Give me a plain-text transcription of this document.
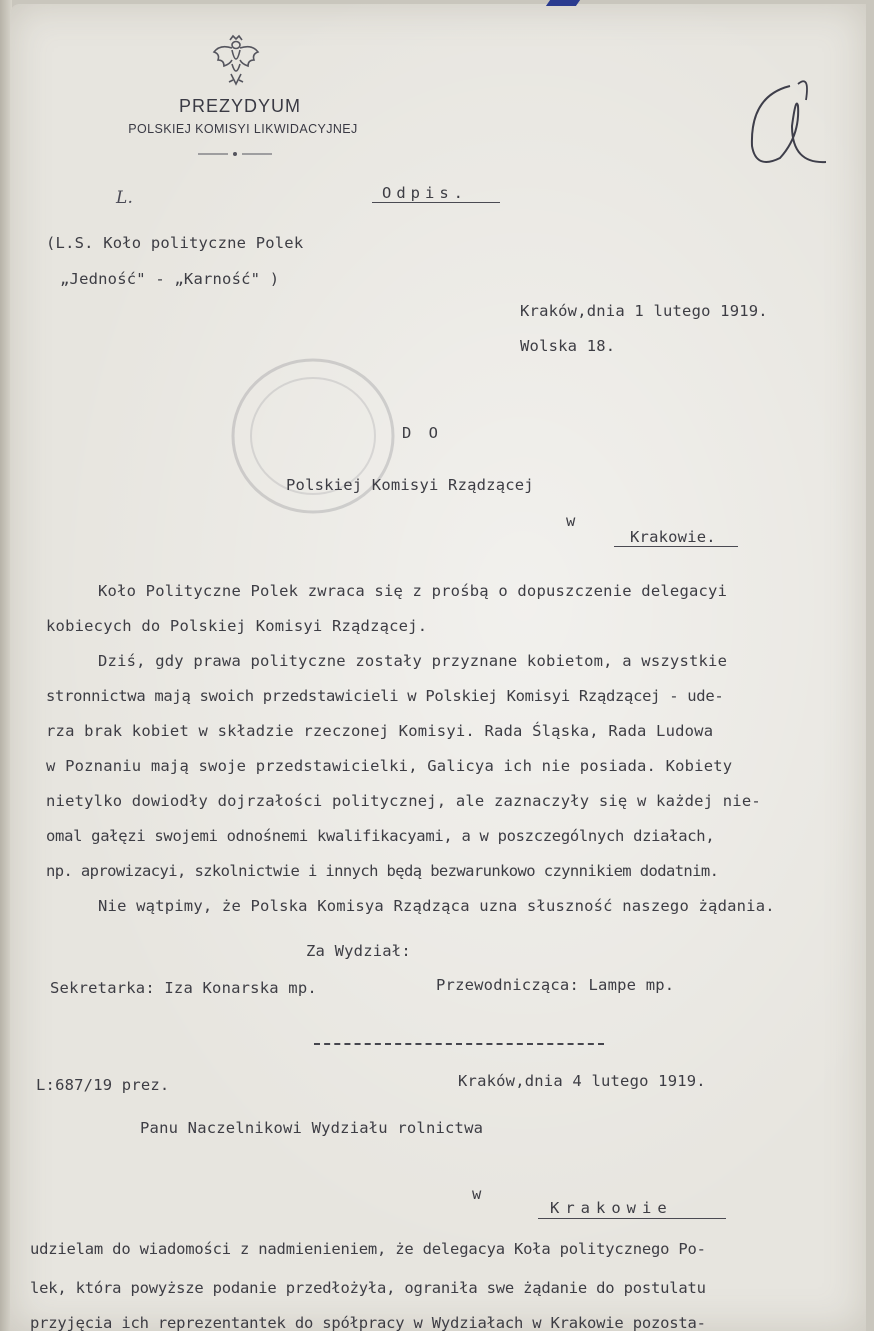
PREZYDYUM
POLSKIEJ KOMISYI LIKWIDACYJNEJ
L.	Odpis.
(L.S. Koło polityczne Polek
„Jedność" - „Karność" )
Kraków,dnia 1 lutego 1919.
Wolska 18.
D O
Polskiej Komisyi Rządzącej
w
Krakowie.
Koło Polityczne Polek zwraca się z prośbą o dopuszczenie delegacyi
kobiecych do Polskiej Komisyi Rządzącej.
Dziś, gdy prawa polityczne zostały przyznane kobietom, a wszystkie
stronnictwa mają swoich przedstawicieli w Polskiej Komisyi Rządzącej - ude-
rza brak kobiet w składzie rzeczonej Komisyi. Rada Śląska, Rada Ludowa
w Poznaniu mają swoje przedstawicielki, Galicya ich nie posiada. Kobiety
nietylko dowiodły dojrzałości politycznej, ale zaznaczyły się w każdej nie-
omal gałęzi swojemi odnośnemi kwalifikacyami, a w poszczególnych działach,
np. aprowizacyi, szkolnictwie i innych będą bezwarunkowo czynnikiem dodatnim.
Nie wątpimy, że Polska Komisya Rządząca uzna słuszność naszego żądania.
Za Wydział:
Sekretarka: Iza Konarska mp.	Przewodnicząca: Lampe mp.
L:687/19 prez.	Kraków,dnia 4 lutego 1919.
Panu Naczelnikowi Wydziału rolnictwa
w
Krakowie
udzielam do wiadomości z nadmienieniem, że delegacya Koła politycznego Po-
lek, która powyższe podanie przedłożyła, ograniła swe żądanie do postulatu
przyjęcia ich reprezentantek do spółpracy w Wydziałach w Krakowie pozosta-
